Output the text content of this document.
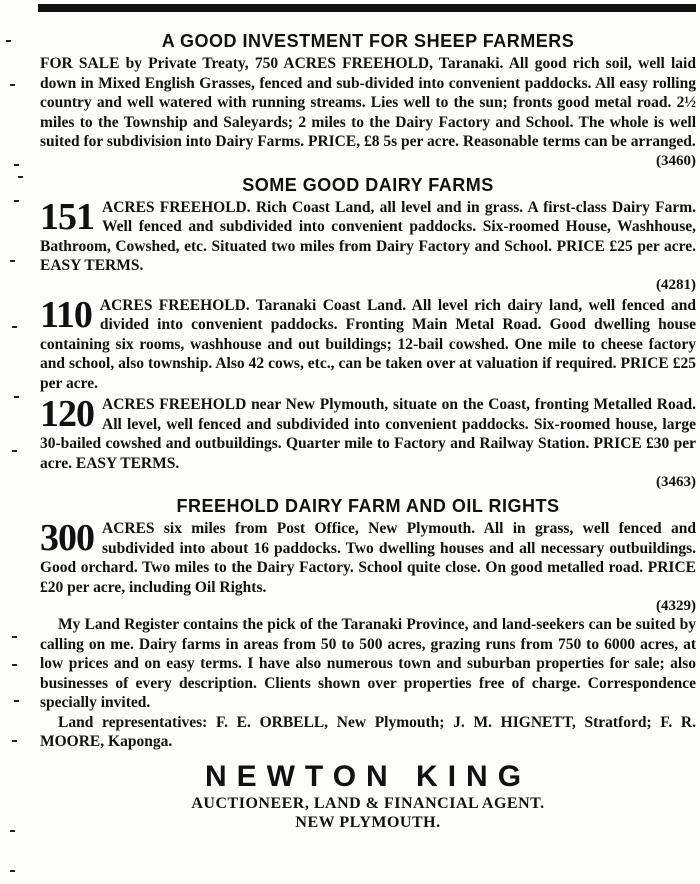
A GOOD INVESTMENT FOR SHEEP FARMERS

FOR SALE by Private Treaty, 750 ACRES FREEHOLD, Taranaki. All good rich soil, well laid down in Mixed English Grasses, fenced and sub-divided into convenient paddocks. All easy rolling country and well watered with running streams. Lies well to the sun; fronts good metal road. 2½ miles to the Township and Saleyards; 2 miles to the Dairy Factory and School. The whole is well suited for subdivision into Dairy Farms. PRICE, £8 5s per acre. Reasonable terms can be arranged.
(3460)

SOME GOOD DAIRY FARMS
151 ACRES FREEHOLD. Rich Coast Land, all level and in grass. A first-class Dairy Farm. Well fenced and subdivided into convenient paddocks. Six-roomed House, Washhouse, Bathroom, Cowshed, etc. Situated two miles from Dairy Factory and School. PRICE £25 per acre. EASY TERMS.
(4281)
110 ACRES FREEHOLD. Taranaki Coast Land. All level rich dairy land, well fenced and divided into convenient paddocks. Fronting Main Metal Road. Good dwelling house containing six rooms, washhouse and out buildings; 12-bail cowshed. One mile to cheese factory and school, also township. Also 42 cows, etc., can be taken over at valuation if required. PRICE £25 per acre.
120 ACRES FREEHOLD near New Plymouth, situate on the Coast, fronting Metalled Road. All level, well fenced and subdivided into convenient paddocks. Six-roomed house, large 30-bailed cowshed and outbuildings. Quarter mile to Factory and Railway Station. PRICE £30 per acre. EASY TERMS.
(3463)
FREEHOLD DAIRY FARM AND OIL RIGHTS
300 ACRES six miles from Post Office, New Plymouth. All in grass, well fenced and subdivided into about 16 paddocks. Two dwelling houses and all necessary outbuildings. Good orchard. Two miles to the Dairy Factory. School quite close. On good metalled road. PRICE £20 per acre, including Oil Rights.
(4329)

My Land Register contains the pick of the Taranaki Province, and land-seekers can be suited by calling on me. Dairy farms in areas from 50 to 500 acres, grazing runs from 750 to 6000 acres, at low prices and on easy terms. I have also numerous town and suburban properties for sale; also businesses of every description. Clients shown over properties free of charge. Correspondence specially invited.

Land representatives: F. E. ORBELL, New Plymouth; J. M. HIGNETT, Stratford; F. R. MOORE, Kaponga.

NEWTON KING
AUCTIONEER, LAND & FINANCIAL AGENT.
NEW PLYMOUTH.
